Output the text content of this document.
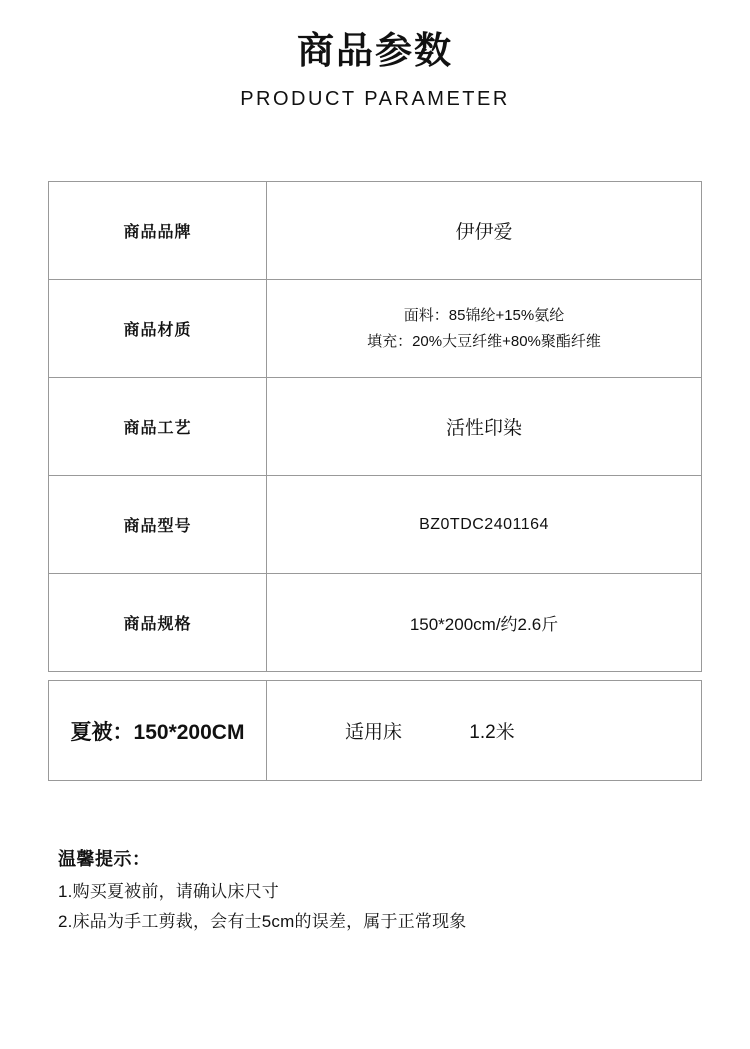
商品参数
PRODUCT PARAMETER
商品品牌	伊伊爱

商品材质	面料：85锦纶+15%氨纶
填充：20%大豆纤维+80%聚酯纤维

商品工艺	活性印染

商品型号	BZ0TDC2401164

商品规格	150*200cm/约2.6斤
夏被：150*200CM	适用床	1.2米
温馨提示：
1.购买夏被前，请确认床尺寸
2.床品为手工剪裁，会有士5cm的误差，属于正常现象
